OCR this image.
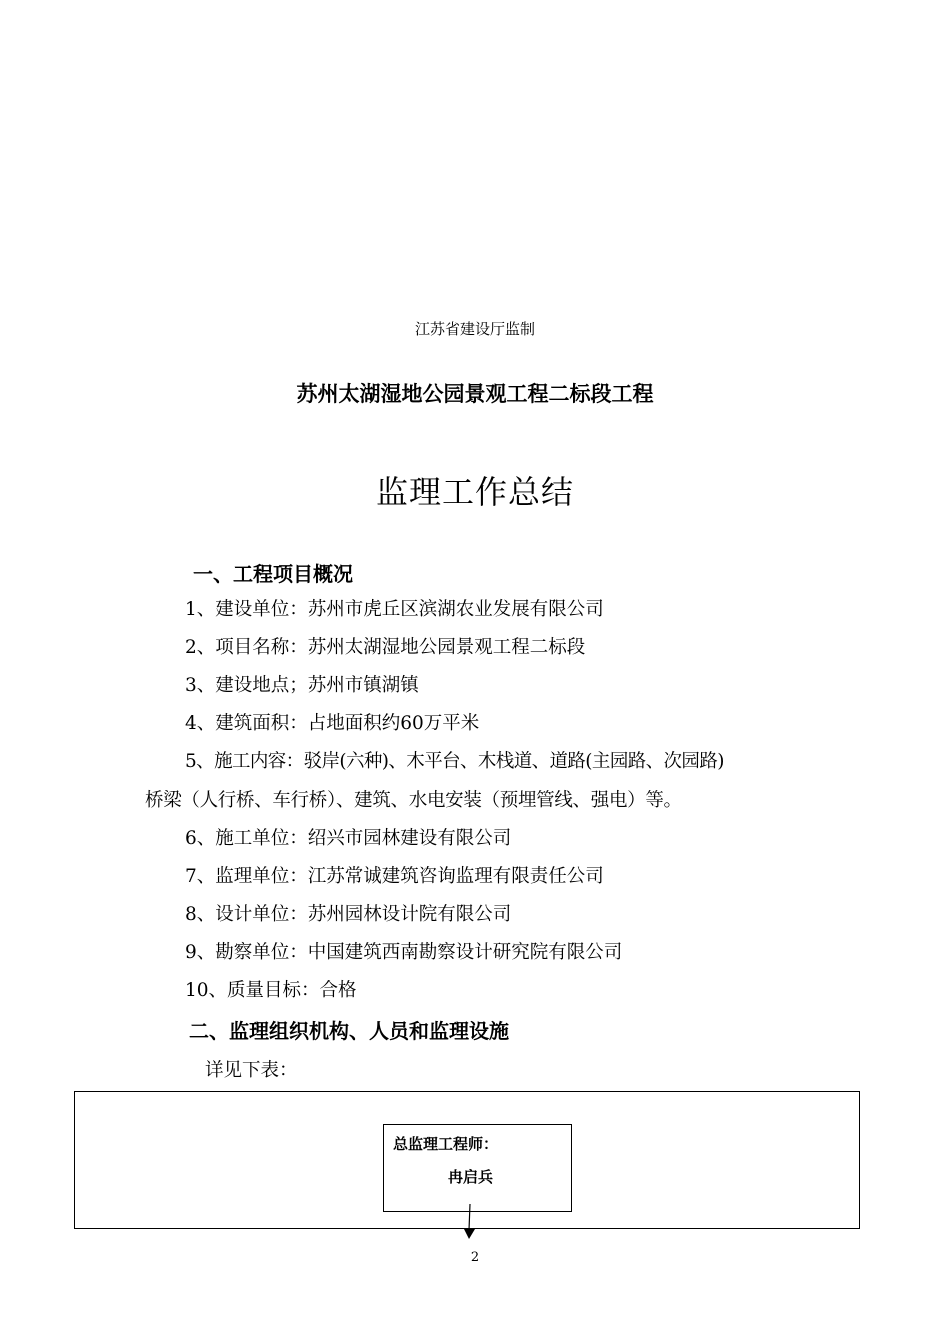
江苏省建设厅监制
苏州太湖湿地公园景观工程二标段工程
监理工作总结
一、工程项目概况
1、建设单位：苏州市虎丘区滨湖农业发展有限公司
2、项目名称：苏州太湖湿地公园景观工程二标段
3、建设地点；苏州市镇湖镇
4、建筑面积：占地面积约60万平米
5、施工内容：驳岸(六种)、木平台、木栈道、道路(主园路、次园路)
桥梁（人行桥、车行桥）、建筑、水电安装（预埋管线、强电）等。
6、施工单位：绍兴市园林建设有限公司
7、监理单位：江苏常诚建筑咨询监理有限责任公司
8、设计单位：苏州园林设计院有限公司
9、勘察单位：中国建筑西南勘察设计研究院有限公司
10、质量目标：合格
二、监理组织机构、人员和监理设施
详见下表：
总监理工程师：
冉启兵
2
